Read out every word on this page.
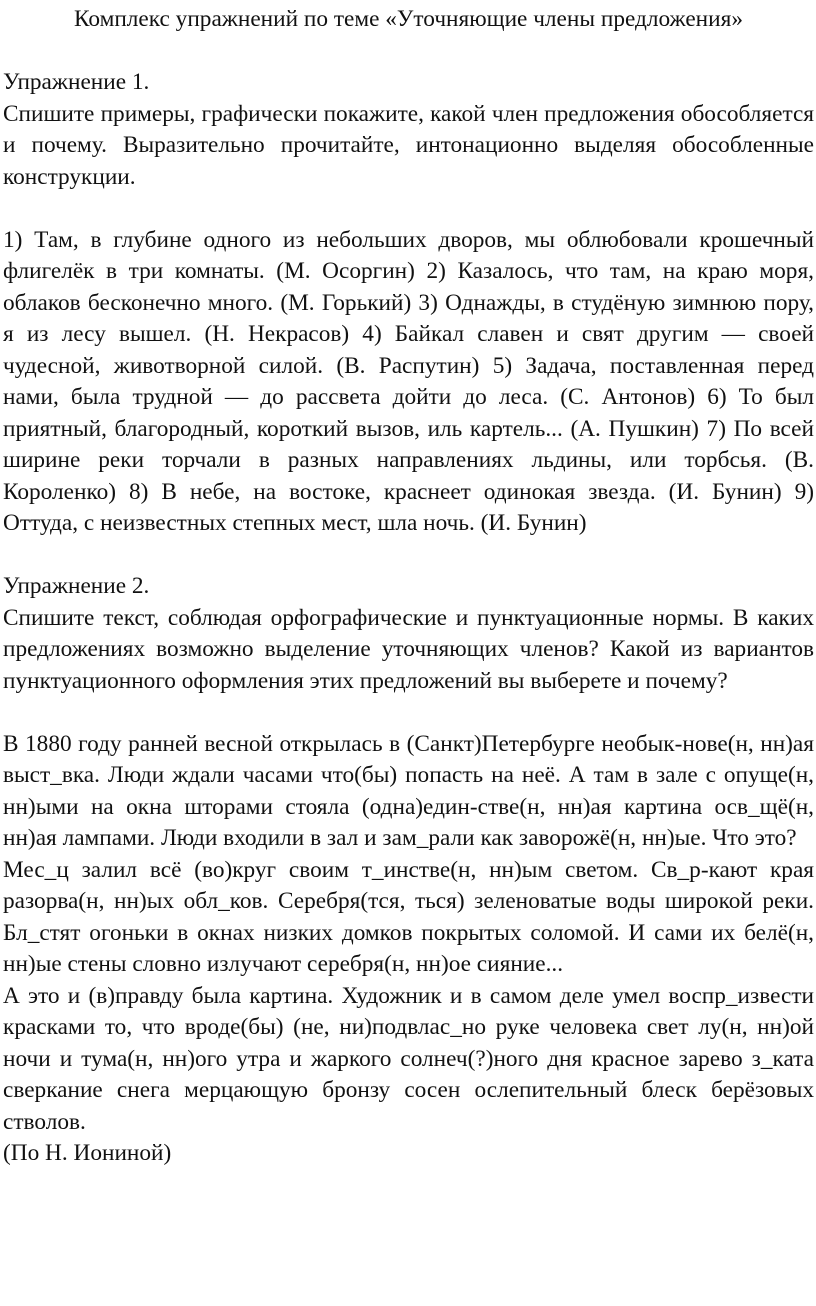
Комплекс упражнений по теме «Уточняющие члены предложения»

Упражнение 1.

Спишите примеры, графически покажите, какой член предложения обособляется и почему. Выразительно прочитайте, интонационно выделяя обособленные конструкции.

1) Там, в глубине одного из небольших дворов, мы облюбовали крошечный флигелёк в три комнаты. (М. Осоргин) 2) Казалось, что там, на краю моря, облаков бесконечно много. (М. Горький) 3) Однажды, в студёную зимнюю пору, я из лесу вышел. (Н. Некрасов) 4) Байкал славен и свят другим — своей чудесной, животворной силой. (В. Распутин) 5) Задача, поставленная перед нами, была трудной — до рассвета дойти до леса. (С. Антонов) 6) То был приятный, благородный, короткий вызов, иль картель... (А. Пушкин) 7) По всей ширине реки торчали в разных направлениях льдины, или торбсья. (В. Короленко) 8) В небе, на востоке, краснеет одинокая звезда. (И. Бунин) 9) Оттуда, с неизвестных степных мест, шла ночь. (И. Бунин)

Упражнение 2.

Спишите текст, соблюдая орфографические и пунктуационные нормы. В каких предложениях возможно выделение уточняющих членов? Какой из вариантов пунктуационного оформления этих предложений вы выберете и почему?

В 1880 году ранней весной открылась в (Санкт)Петербурге необык-нове(н, нн)ая выст_вка. Люди ждали часами что(бы) попасть на неё. А там в зале с опуще(н, нн)ыми на окна шторами стояла (одна)един-стве(н, нн)ая картина осв_щё(н, нн)ая лампами. Люди входили в зал и зам_рали как заворожё(н, нн)ые. Что это?

Мес_ц залил всё (во)круг своим т_инстве(н, нн)ым светом. Св_р-кают края разорва(н, нн)ых обл_ков. Серебря(тся, ться) зеленоватые воды широкой реки. Бл_стят огоньки в окнах низких домков покрытых соломой. И сами их белё(н, нн)ые стены словно излучают серебря(н, нн)ое сияние...

А это и (в)правду была картина. Художник и в самом деле умел воспр_извести красками то, что вроде(бы) (не, ни)подвлас_но руке человека свет лу(н, нн)ой ночи и тума(н, нн)ого утра и жаркого солнеч(?)ного дня красное зарево з_ката сверкание снега мерцающую бронзу сосен ослепительный блеск берёзовых стволов.

(По Н. Иониной)
